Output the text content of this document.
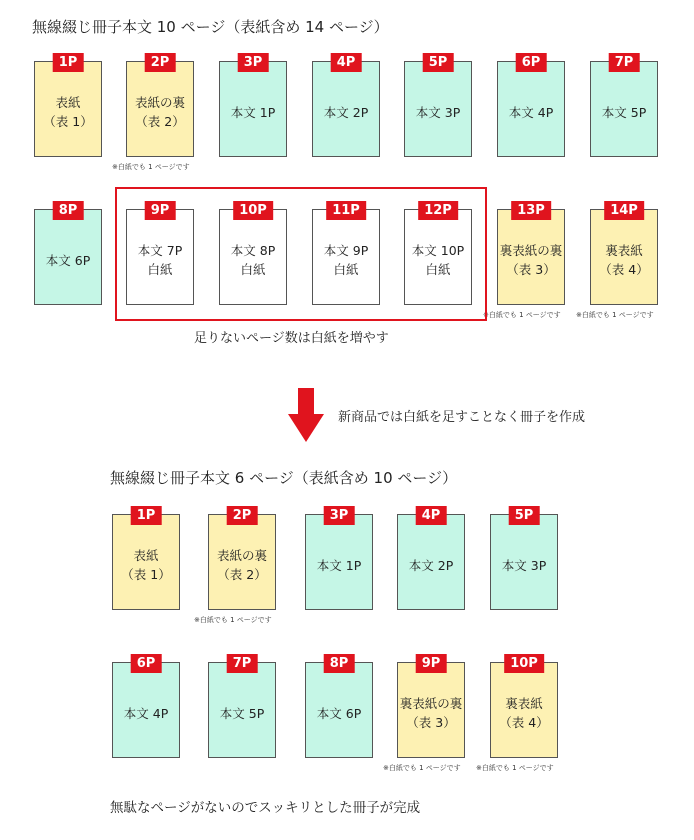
無線綴じ冊子本文 10 ページ（表紙含め 14 ページ）
1P
表紙
（表 1）
2P
表紙の裏
（表 2）
※白紙でも 1 ページです
3P
本文 1P
4P
本文 2P
5P
本文 3P
6P
本文 4P
7P
本文 5P
8P
本文 6P
9P
本文 7P
白紙
10P
本文 8P
白紙
11P
本文 9P
白紙
12P
本文 10P
白紙
13P
裏表紙の裏
（表 3）
※白紙でも 1 ページです
14P
裏表紙
（表 4）
※白紙でも 1 ページです
足りないページ数は白紙を増やす
新商品では白紙を足すことなく冊子を作成
無線綴じ冊子本文 6 ページ（表紙含め 10 ページ）
1P
表紙
（表 1）
2P
表紙の裏
（表 2）
※白紙でも 1 ページです
3P
本文 1P
4P
本文 2P
5P
本文 3P
6P
本文 4P
7P
本文 5P
8P
本文 6P
9P
裏表紙の裏
（表 3）
※白紙でも 1 ページです
10P
裏表紙
（表 4）
※白紙でも 1 ページです
無駄なページがないのでスッキリとした冊子が完成
